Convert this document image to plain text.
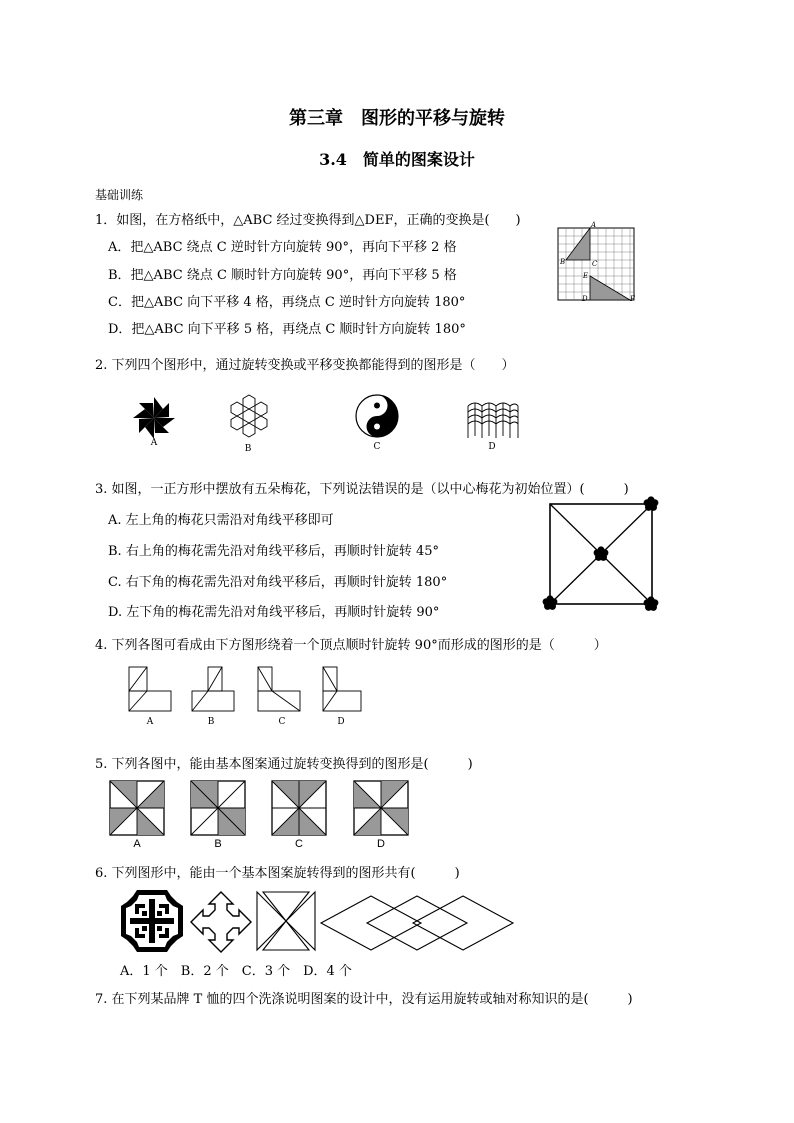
第三章　图形的平移与旋转
3.4　简单的图案设计
基础训练
1．如图，在方格纸中，△ABC 经过变换得到△DEF，正确的变换是(　　)
A．把△ABC 绕点 C 逆时针方向旋转 90°，再向下平移 2 格
B．把△ABC 绕点 C 顺时针方向旋转 90°，再向下平移 5 格
C．把△ABC 向下平移 4 格，再绕点 C 逆时针方向旋转 180°
D．把△ABC 向下平移 5 格，再绕点 C 顺时针方向旋转 180°
A
B	C
D
E
F
2. 下列四个图形中，通过旋转变换或平移变换都能得到的图形是（　　）
A
B	C	D
3. 如图，一正方形中摆放有五朵梅花，下列说法错误的是（以中心梅花为初始位置）(　　　)
A. 左上角的梅花只需沿对角线平移即可
B. 右上角的梅花需先沿对角线平移后，再顺时针旋转 45°
C. 右下角的梅花需先沿对角线平移后，再顺时针旋转 180°
D. 左下角的梅花需先沿对角线平移后，再顺时针旋转 90°
4. 下列各图可看成由下方图形绕着一个顶点顺时针旋转 90°而形成的图形的是（　　　）
A	B	C	D
5. 下列各图中，能由基本图案通过旋转变换得到的图形是(　　　)
A	B	C	D
6. 下列图形中，能由一个基本图案旋转得到的图形共有(　　　)
A．1 个　B．2 个　C．3 个　D．4 个
7. 在下列某品牌 T 恤的四个洗涤说明图案的设计中，没有运用旋转或轴对称知识的是(　　　)
